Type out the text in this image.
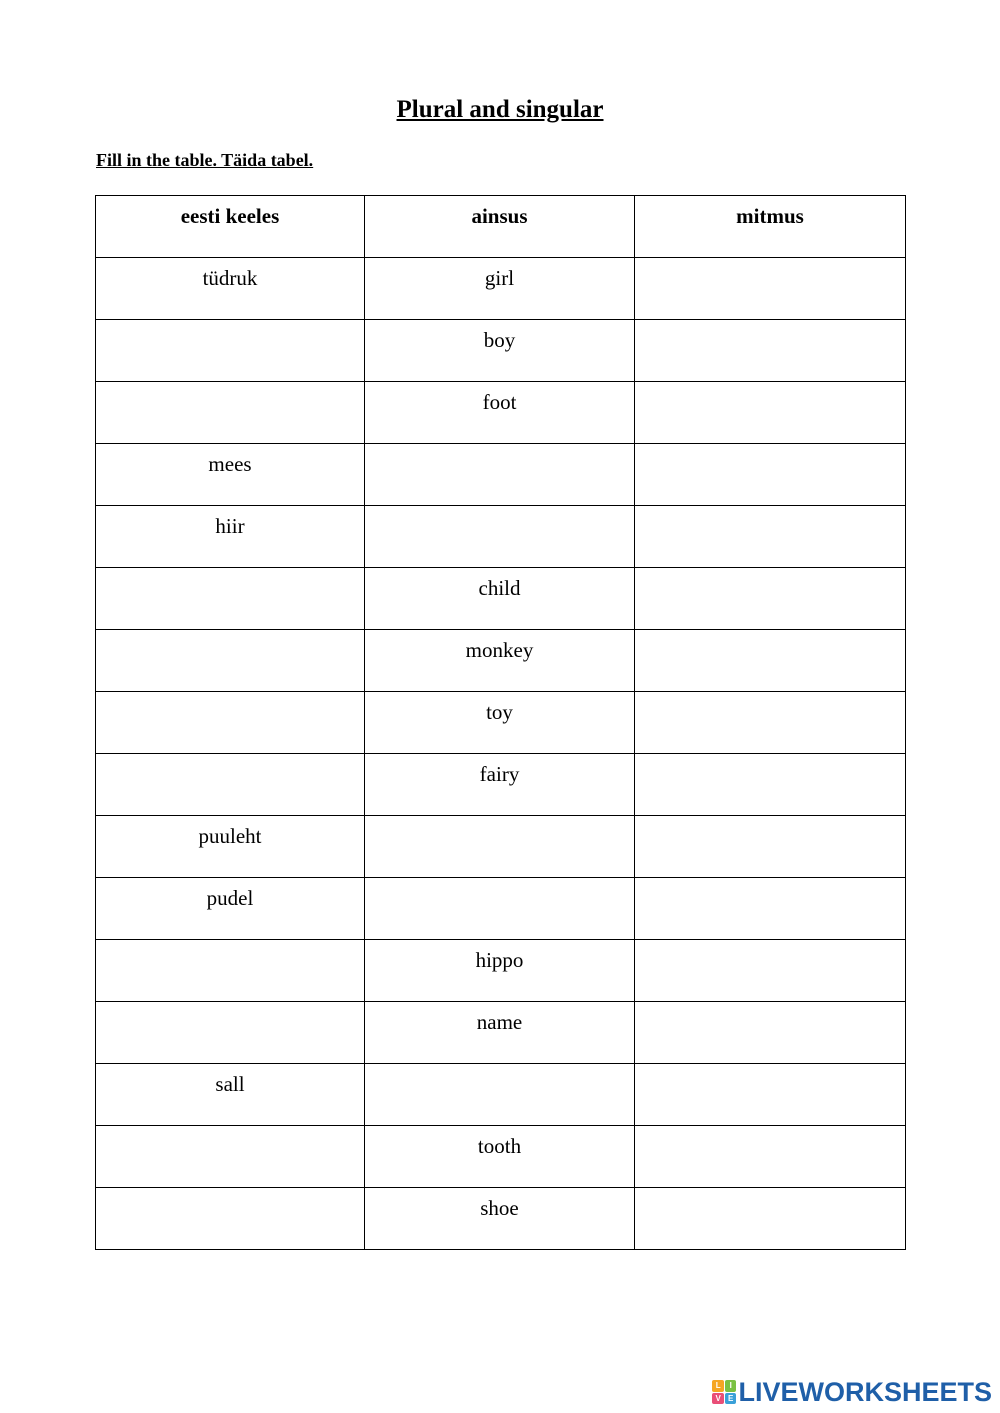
Plural and singular

Fill in the table. Täida tabel.

eesti keeles	ainsus	mitmus
tüdruk	girl	
	boy	
	foot	
mees		
hiir		
	child	
	monkey	
	toy	
	fairy	
puuleht		
pudel		
	hippo	
	name	
sall		
	tooth	
	shoe	
L	I
V E LIVEWORKSHEETS
